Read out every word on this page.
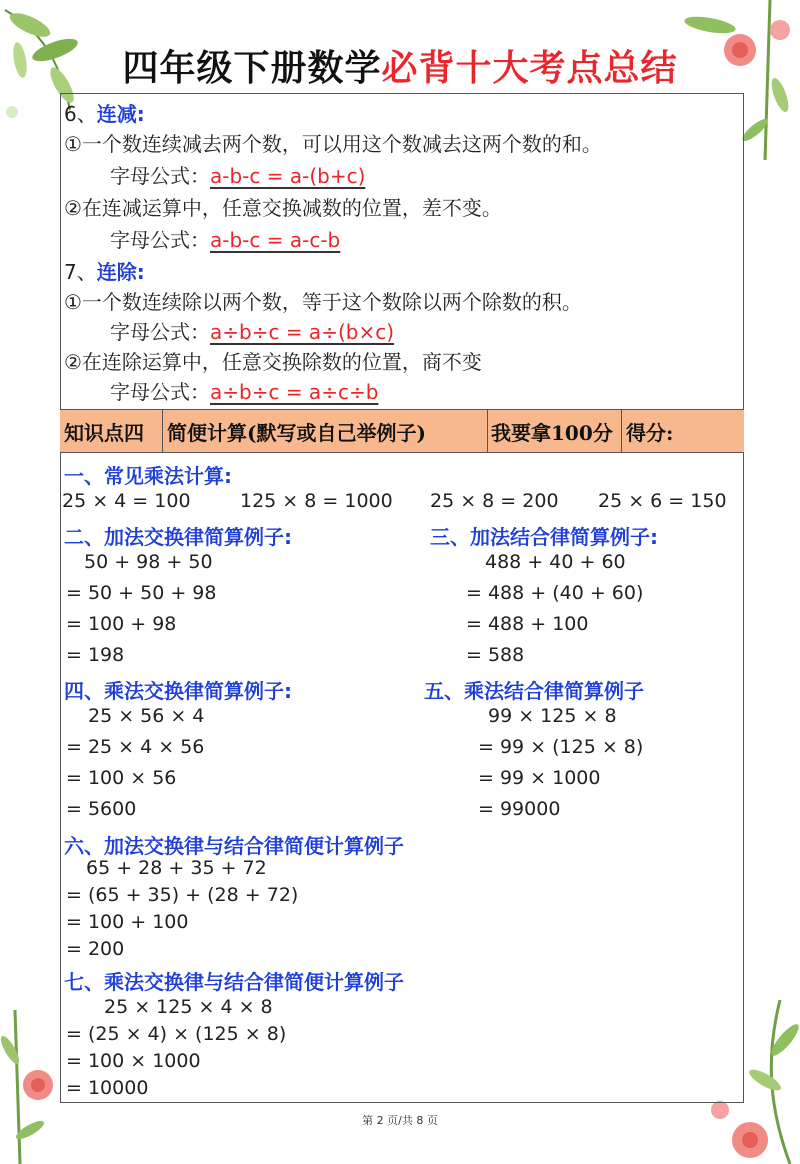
四年级下册数学必背十大考点总结
知识点四 简便计算(默写或自己举例子)	我要拿100分 得分:
6、连减:
①一个数连续减去两个数，可以用这个数减去这两个数的和。
字母公式：a-b-c = a-(b+c)
②在连减运算中，任意交换减数的位置，差不变。
字母公式：a-b-c = a-c-b
7、连除:
①一个数连续除以两个数，等于这个数除以两个除数的积。
字母公式：a÷b÷c = a÷(b×c)
②在连除运算中，任意交换除数的位置，商不变
字母公式：a÷b÷c = a÷c÷b
一、常见乘法计算:
25 × 4 = 100	125 × 8 = 1000 25 × 8 = 200 25 × 6 = 150
二、加法交换律简算例子:	三、加法结合律简算例子:
50 + 98 + 50
= 50 + 50 + 98
= 100 + 98
= 198
488 + 40 + 60
= 488 + (40 + 60)
= 488 + 100
= 588
四、乘法交换律简算例子:	五、乘法结合律简算例子
25 × 56 × 4
= 25 × 4 × 56
= 100 × 56
= 5600
99 × 125 × 8
= 99 × (125 × 8)
= 99 × 1000
= 99000
六、加法交换律与结合律简便计算例子
65 + 28 + 35 + 72
= (65 + 35) + (28 + 72)
= 100 + 100
= 200
七、乘法交换律与结合律简便计算例子
25 × 125 × 4 × 8
= (25 × 4) × (125 × 8)
= 100 × 1000
= 10000
第 2 页/共 8 页
